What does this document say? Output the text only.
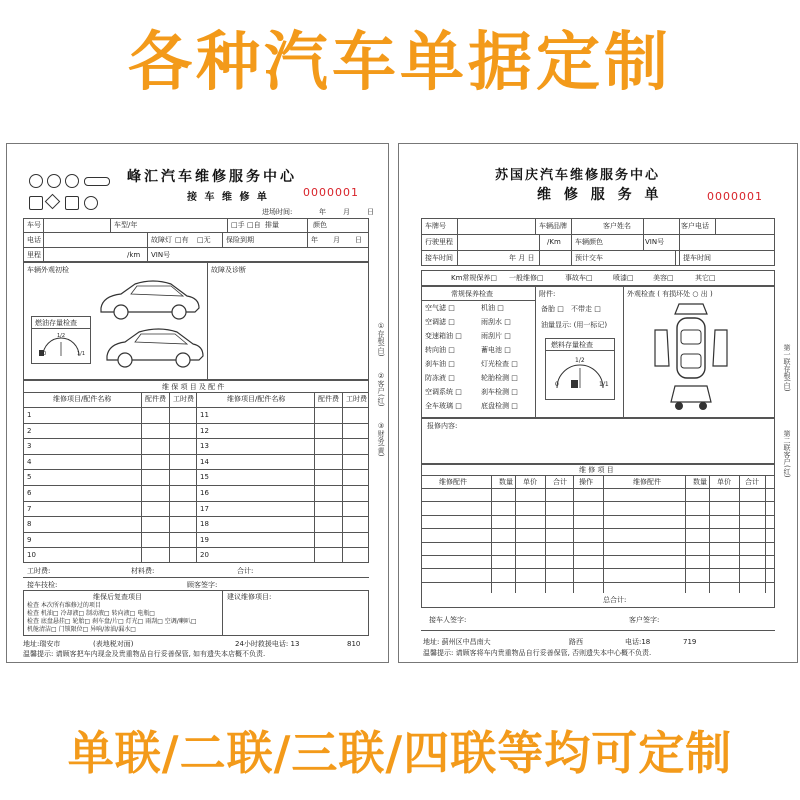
各种汽车单据定制
峰汇汽车维修服务中心
接 车 维 修 单	0000001
进场时间:	年 月 日
车号	车型/年	□手 □自 排量	颜色
电话	故障灯 □有 □无 保险到期	年 月 日
里程	/km VIN号
车辆外观初检	故障及诊断
燃油存量检查
1/2
0	1/1
维 保 项 目 及 配 件
维修项目/配件名称	配件费 工时费	维修项目/配件名称	配件费 工时费
工时费:	材料费:	合计:
接车技检:	顾客签字:
维保后复查项目
检查 本次所有维修过的项目
检查 机油□ 冷却液□ 制动液□ 转向液□ 电瓶□
检查 底盘悬挂□ 轮胎□ 刹车盘/片□ 灯光□ 雨刮□ 空调/喇叭□
机舱清洁□ 门锁限位□ 异响/渗油/漏水□
建议维修项目:
地址:瑞安市	(表地税对面)	24小时救援电话: 13	810
温馨提示: 请顾客把车内现金及贵重物品自行妥善保管, 如有遗失本店概不负责.
①存根(白)
②客户(红)
③财务(黄)
1	11
2	12
3	13
4	14
5	15
6	16
7	17
8	18
9	19
10	20
苏国庆汽车维修服务中心
维 修 服 务 单	0000001
车牌号	车辆品牌	客户姓名	客户电话
行驶里程	/Km 车辆颜色	VIN号
接车时间	年 月 日	预计交车	提车时间
常规保养检查	附件:
备胎 □ 不带走 □
油量显示: (用一标记)
燃料存量检查
1/2
0	1/1
外观检查 ( 有损坏处 ○ 出 )
报修内容:
维 修 项 目
总合计:
接车人签字:	客户签字:
地址: 蓟州区中昌南大	路西	电话:18	719
温馨提示: 请顾客将车内贵重物品自行妥善保管, 否则遗失本中心概不负责.
第一联存根(白)
第二联客户(红)
Km常规保养□ 一般维修□	事故车□	喷漆□	美容□	其它□
空气滤 □	机油 □
空调滤 □	雨刮水 □
变速箱油 □	雨刮片 □
转向油 □	蓄电池 □
刹车油 □	灯光检查 □
防冻液 □	轮胎检测 □
空调系统 □	刹车检测 □
全车玻璃 □	底盘检测 □
维修配件	数量 单价 合计 操作	维修配件	数量 单价 合计
单联/二联/三联/四联等均可定制
